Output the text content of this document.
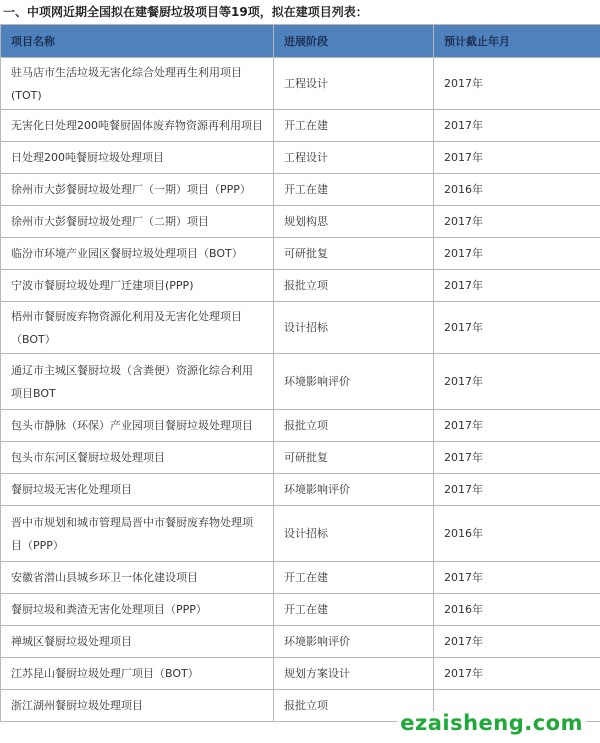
一、中项网近期全国拟在建餐厨垃圾项目等19项，拟在建项目列表：
项目名称	进展阶段	预计截止年月
驻马店市生活垃圾无害化综合处理再生利用项目(TOT)	工程设计	2017年
无害化日处理200吨餐厨固体废弃物资源再利用项目	开工在建	2017年
日处理200吨餐厨垃圾处理项目	工程设计	2017年
徐州市大彭餐厨垃圾处理厂（一期）项目（PPP）	开工在建	2016年
徐州市大彭餐厨垃圾处理厂（二期）项目	规划构思	2017年
临汾市环境产业园区餐厨垃圾处理项目（BOT）	可研批复	2017年
宁波市餐厨垃圾处理厂迁建项目(PPP)	报批立项	2017年
梧州市餐厨废弃物资源化利用及无害化处理项目（BOT）	设计招标	2017年
通辽市主城区餐厨垃圾（含粪便）资源化综合利用项目BOT	环境影响评价	2017年
包头市静脉（环保）产业园项目餐厨垃圾处理项目	报批立项	2017年
包头市东河区餐厨垃圾处理项目	可研批复	2017年
餐厨垃圾无害化处理项目	环境影响评价	2017年
晋中市规划和城市管理局晋中市餐厨废弃物处理项目（PPP）	设计招标	2016年
安徽省潜山县城乡环卫一体化建设项目	开工在建	2017年
餐厨垃圾和粪渣无害化处理项目（PPP）	开工在建	2016年
禅城区餐厨垃圾处理项目	环境影响评价	2017年
江苏昆山餐厨垃圾处理厂项目（BOT）	规划方案设计	2017年
浙江湖州餐厨垃圾处理项目	报批立项	
ezaisheng.com
